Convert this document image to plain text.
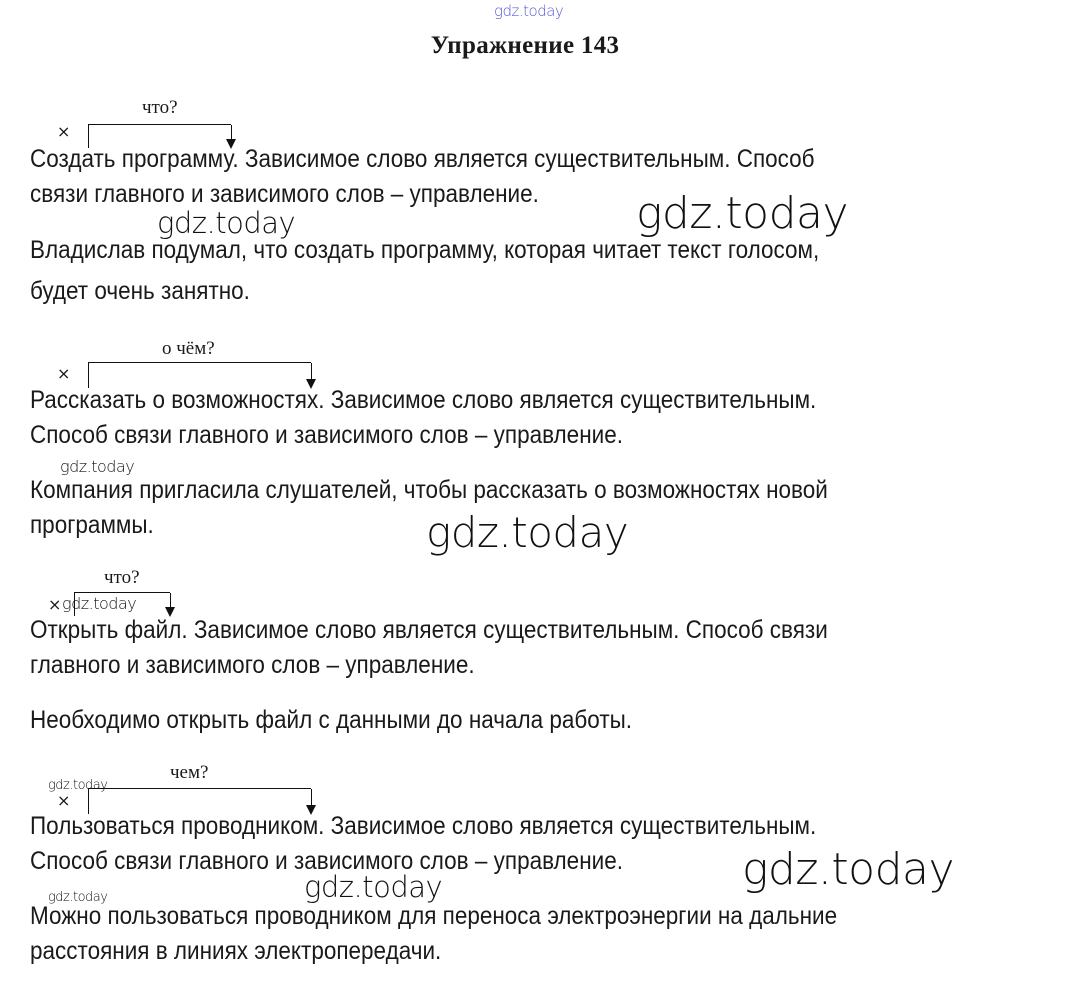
gdz.today
gdz.today
gdz.today
gdz.today
gdz.today
gdz.today
gdz.today
gdz.today
gdz.today
gdz.today
Упражнение 143
что?
×
Создать программу. Зависимое слово является существительным. Способ
связи главного и зависимого слов – управление.
Владислав подумал, что создать программу, которая читает текст голосом,
будет очень занятно.
о чём?
×
Рассказать о возможностях. Зависимое слово является существительным.
Способ связи главного и зависимого слов – управление.
Компания пригласила слушателей, чтобы рассказать о возможностях новой
программы.
что?
×
Открыть файл. Зависимое слово является существительным. Способ связи
главного и зависимого слов – управление.
Необходимо открыть файл с данными до начала работы.
чем?
×
Пользоваться проводником. Зависимое слово является существительным.
Способ связи главного и зависимого слов – управление.
Можно пользоваться проводником для переноса электроэнергии на дальние
расстояния в линиях электропередачи.
